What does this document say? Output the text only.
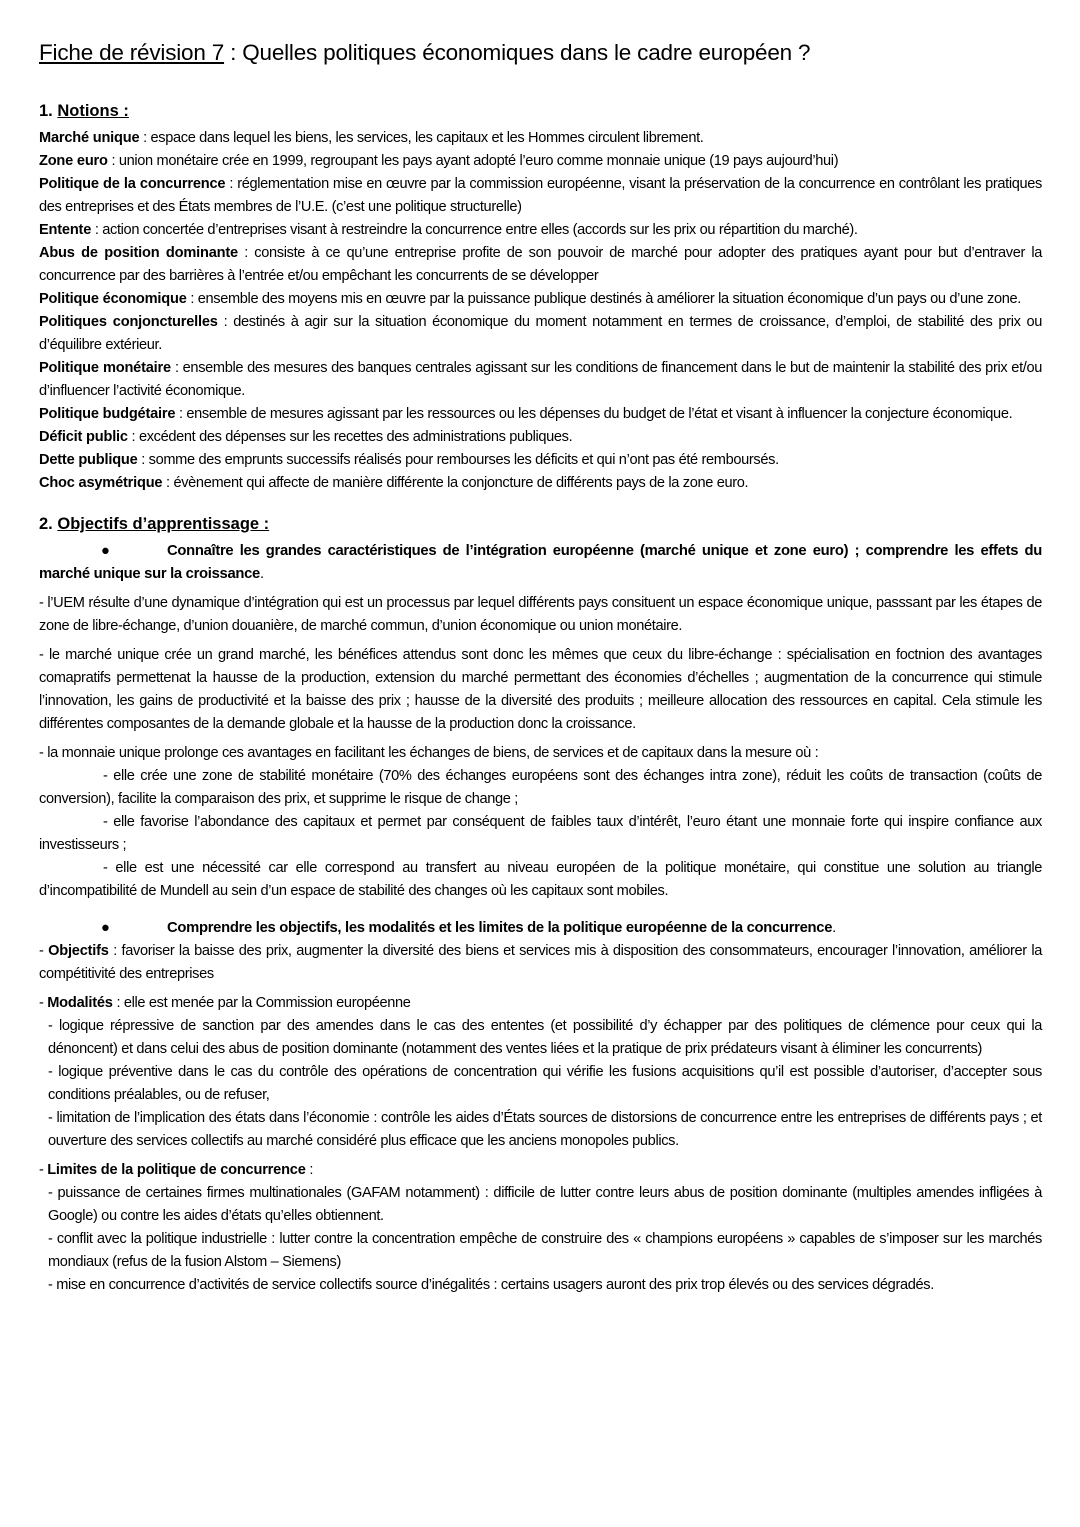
Fiche de révision 7 : Quelles politiques économiques dans le cadre européen ?
1. Notions :

Marché unique : espace dans lequel les biens, les services, les capitaux et les Hommes circulent librement.

Zone euro : union monétaire crée en 1999, regroupant les pays ayant adopté l’euro comme monnaie unique (19 pays aujourd’hui)

Politique de la concurrence : réglementation mise en œuvre par la commission européenne, visant la préservation de la concurrence en contrôlant les pratiques des entreprises et des États membres de l’U.E. (c’est une politique structurelle)

Entente : action concertée d’entreprises visant à restreindre la concurrence entre elles (accords sur les prix ou répartition du marché).

Abus de position dominante : consiste à ce qu’une entreprise profite de son pouvoir de marché pour adopter des pratiques ayant pour but d’entraver la concurrence par des barrières à l’entrée et/ou empêchant les concurrents de se développer

Politique économique : ensemble des moyens mis en œuvre par la puissance publique destinés à améliorer la situation économique d’un pays ou d’une zone.

Politiques conjoncturelles : destinés à agir sur la situation économique du moment notamment en termes de croissance, d’emploi, de stabilité des prix ou d’équilibre extérieur.

Politique monétaire : ensemble des mesures des banques centrales agissant sur les conditions de financement dans le but de maintenir la stabilité des prix et/ou d’influencer l’activité économique.

Politique budgétaire : ensemble de mesures agissant par les ressources ou les dépenses du budget de l’état et visant à influencer la conjecture économique.

Déficit public : excédent des dépenses sur les recettes des administrations publiques.

Dette publique : somme des emprunts successifs réalisés pour rembourses les déficits et qui n’ont pas été remboursés.

Choc asymétrique : évènement qui affecte de manière différente la conjoncture de différents pays de la zone euro.

2. Objectifs d’apprentissage :

●	Connaître les grandes caractéristiques de l’intégration européenne (marché unique et zone euro) ; comprendre les effets du marché unique sur la croissance.

- l’UEM résulte d’une dynamique d’intégration qui est un processus par lequel différents pays consituent un espace économique unique, passsant par les étapes de zone de libre-échange, d’union douanière, de marché commun, d’union économique ou union monétaire.

- le marché unique crée un grand marché, les bénéfices attendus sont donc les mêmes que ceux du libre-échange : spécialisation en foctnion des avantages comapratifs permettenat la hausse de la production, extension du marché permettant des économies d’échelles ; augmentation de la concurrence qui stimule l’innovation, les gains de productivité et la baisse des prix ; hausse de la diversité des produits ; meilleure allocation des ressources en capital. Cela stimule les différentes composantes de la demande globale et la hausse de la production donc la croissance.

- la monnaie unique prolonge ces avantages en facilitant les échanges de biens, de services et de capitaux dans la mesure où :

- elle crée une zone de stabilité monétaire (70% des échanges européens sont des échanges intra zone), réduit les coûts de transaction (coûts de conversion), facilite la comparaison des prix, et supprime le risque de change ;

- elle favorise l’abondance des capitaux et permet par conséquent de faibles taux d’intérêt, l’euro étant une monnaie forte qui inspire confiance aux investisseurs ;

- elle est une nécessité car elle correspond au transfert au niveau européen de la politique monétaire, qui constitue une solution au triangle d’incompatibilité de Mundell au sein d’un espace de stabilité des changes où les capitaux sont mobiles.

●	Comprendre les objectifs, les modalités et les limites de la politique européenne de la concurrence.

- Objectifs : favoriser la baisse des prix, augmenter la diversité des biens et services mis à disposition des consommateurs, encourager l’innovation, améliorer la compétitivité des entreprises

- Modalités : elle est menée par la Commission européenne

- logique répressive de sanction par des amendes dans le cas des ententes (et possibilité d’y échapper par des politiques de clémence pour ceux qui la dénoncent) et dans celui des abus de position dominante (notamment des ventes liées et la pratique de prix prédateurs visant à éliminer les concurrents)

- logique préventive dans le cas du contrôle des opérations de concentration qui vérifie les fusions acquisitions qu’il est possible d’autoriser, d’accepter sous conditions préalables, ou de refuser,

- limitation de l’implication des états dans l’économie : contrôle les aides d’États sources de distorsions de concurrence entre les entreprises de différents pays ; et ouverture des services collectifs au marché considéré plus efficace que les anciens monopoles publics.

- Limites de la politique de concurrence :

- puissance de certaines firmes multinationales (GAFAM notamment) : difficile de lutter contre leurs abus de position dominante (multiples amendes infligées à Google) ou contre les aides d’états qu’elles obtiennent.

- conflit avec la politique industrielle : lutter contre la concentration empêche de construire des « champions européens » capables de s’imposer sur les marchés mondiaux (refus de la fusion Alstom – Siemens)

- mise en concurrence d’activités de service collectifs source d’inégalités : certains usagers auront des prix trop élevés ou des services dégradés.
